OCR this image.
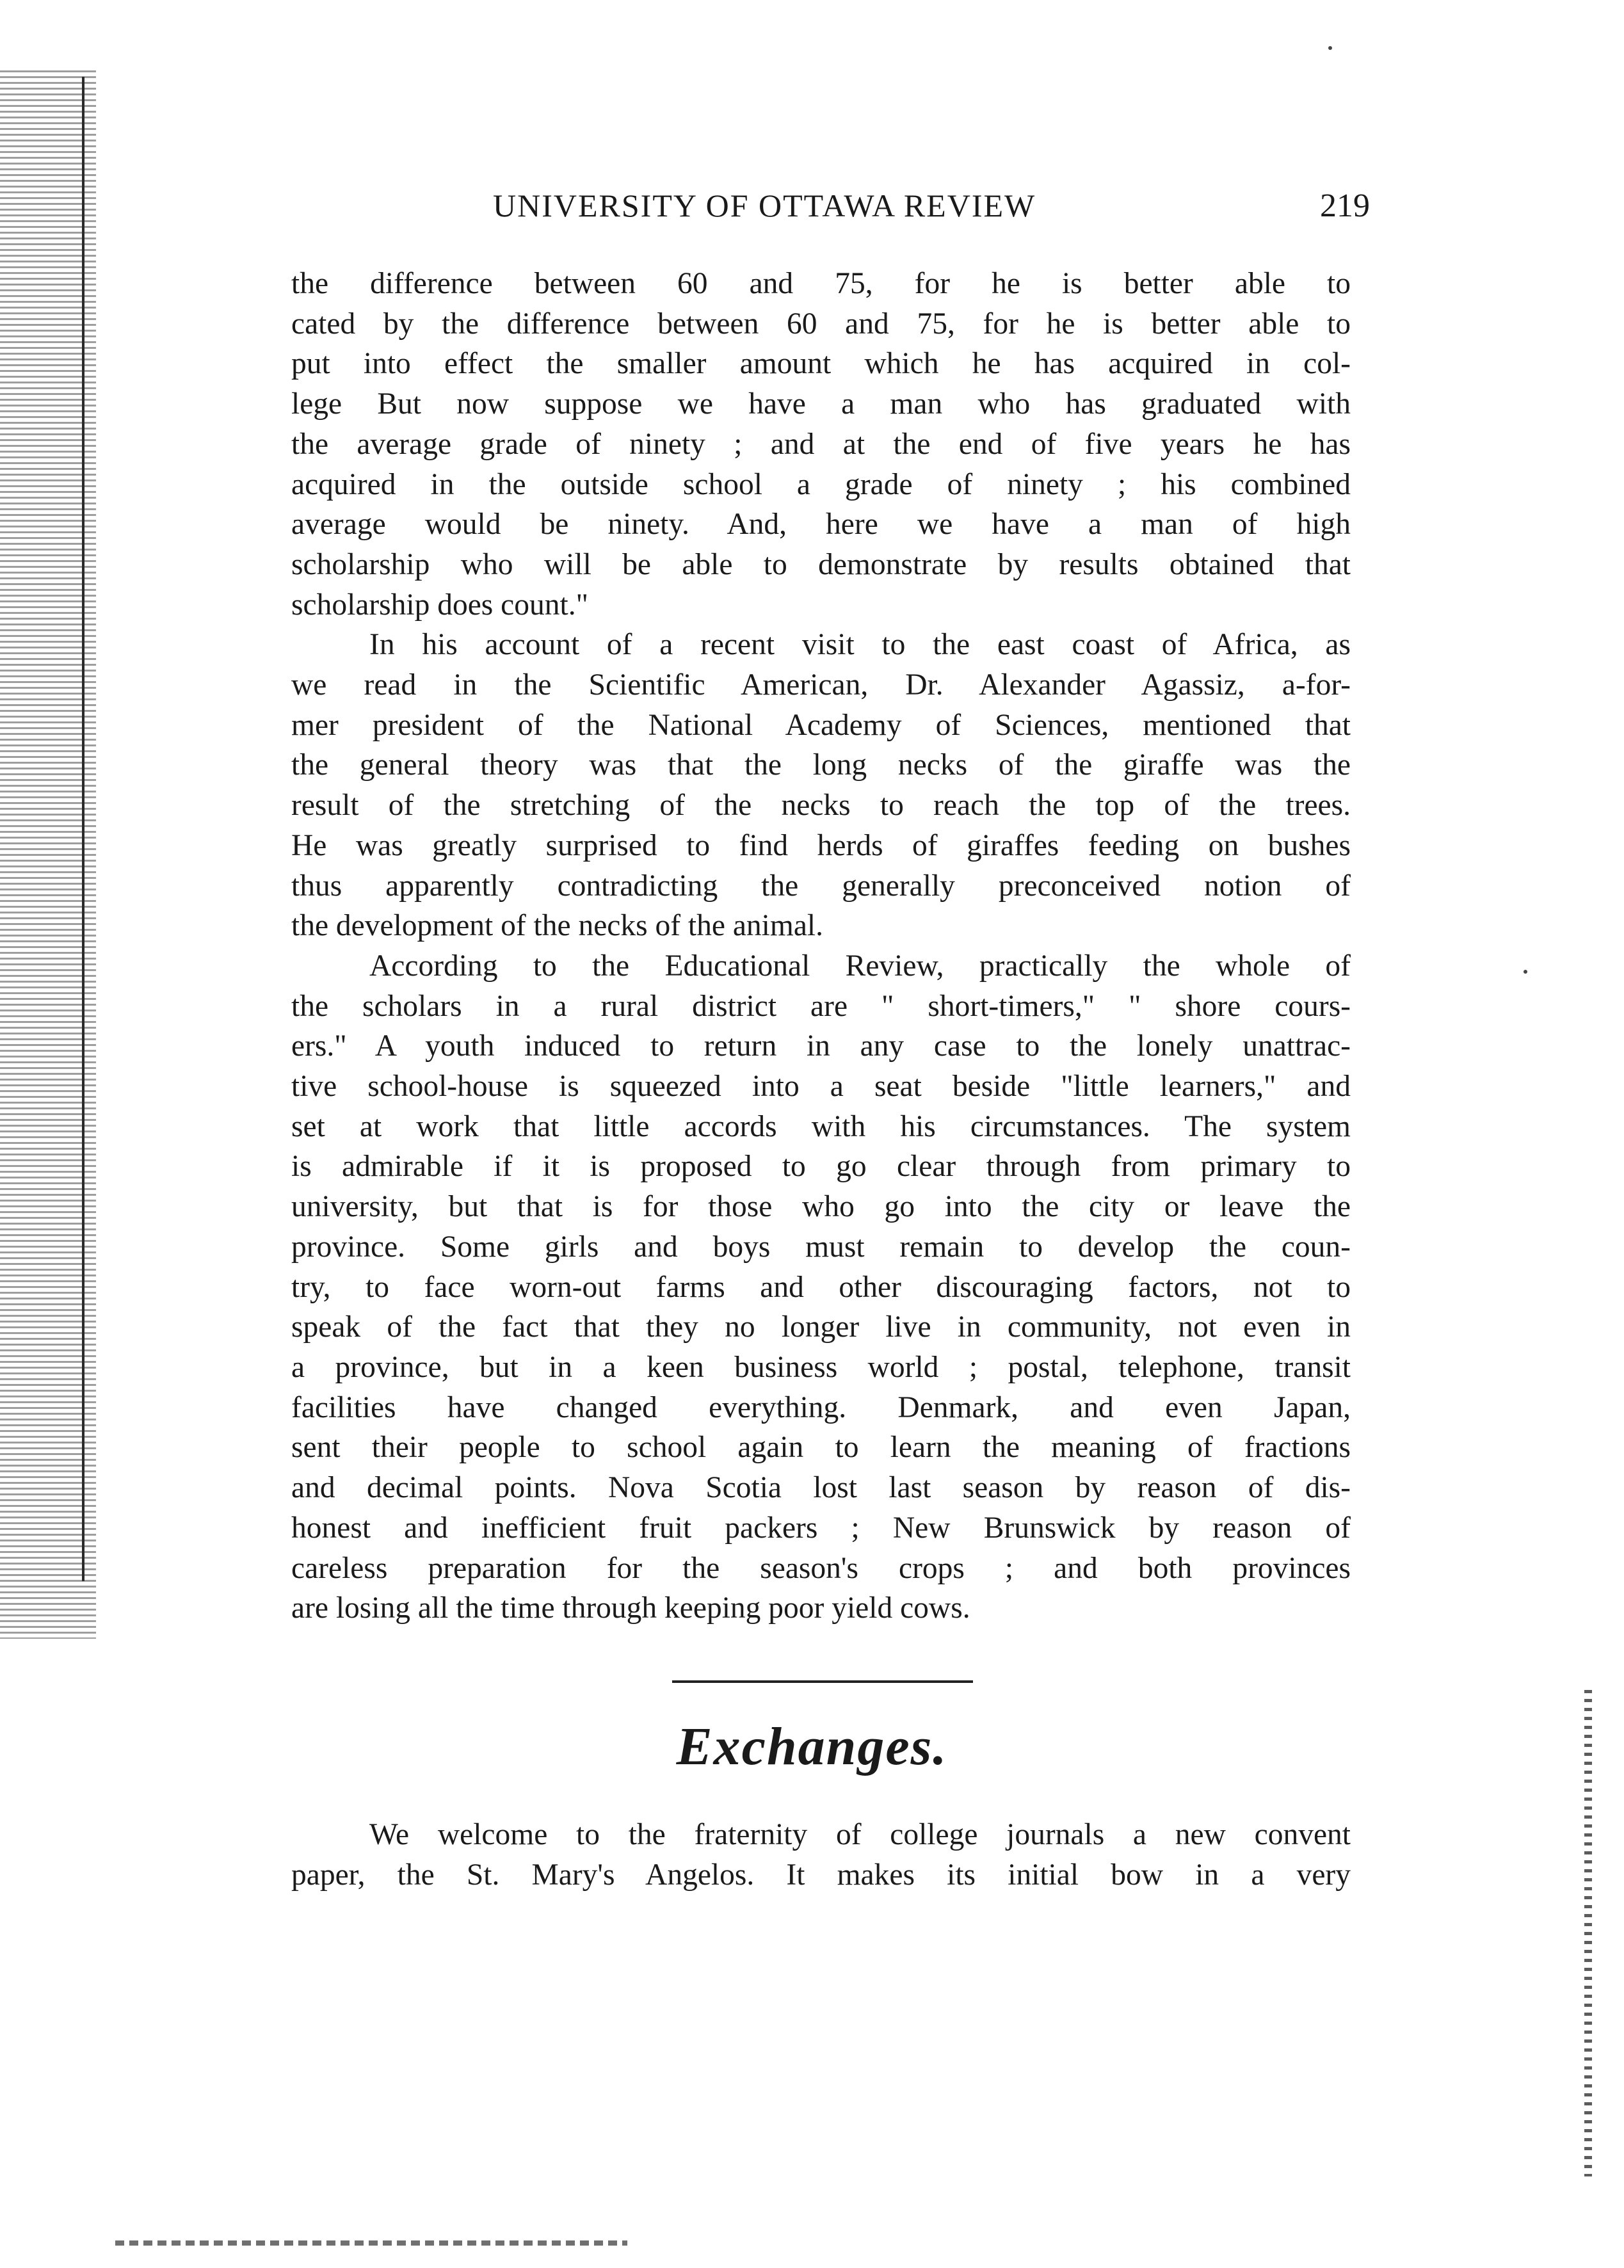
UNIVERSITY OF OTTAWA REVIEW	219
the difference between 60 and 75, for he is better able to
cated by the difference between 60 and 75, for he is better able to
put into effect the smaller amount which he has acquired in col-
lege But now suppose we have a man who has graduated with
the average grade of ninety ; and at the end of five years he has
acquired in the outside school a grade of ninety ; his combined
average would be ninety. And, here we have a man of high
scholarship who will be able to demonstrate by results obtained that
scholarship does count."
In his account of a recent visit to the east coast of Africa, as
we read in the Scientific American, Dr. Alexander Agassiz, a-for-
mer president of the National Academy of Sciences, mentioned that
the general theory was that the long necks of the giraffe was the
result of the stretching of the necks to reach the top of the trees.
He was greatly surprised to find herds of giraffes feeding on bushes
thus apparently contradicting the generally preconceived notion of
the development of the necks of the animal.
According to the Educational Review, practically the whole of
the scholars in a rural district are " short-timers," " shore cours-
ers." A youth induced to return in any case to the lonely unattrac-
tive school-house is squeezed into a seat beside "little learners," and
set at work that little accords with his circumstances. The system
is admirable if it is proposed to go clear through from primary to
university, but that is for those who go into the city or leave the
province. Some girls and boys must remain to develop the coun-
try, to face worn-out farms and other discouraging factors, not to
speak of the fact that they no longer live in community, not even in
a province, but in a keen business world ; postal, telephone, transit
facilities have changed everything. Denmark, and even Japan,
sent their people to school again to learn the meaning of fractions
and decimal points. Nova Scotia lost last season by reason of dis-
honest and inefficient fruit packers ; New Brunswick by reason of
careless preparation for the season's crops ; and both provinces
are losing all the time through keeping poor yield cows.
Exchanges.
We welcome to the fraternity of college journals a new convent
paper, the St. Mary's Angelos. It makes its initial bow in a very
